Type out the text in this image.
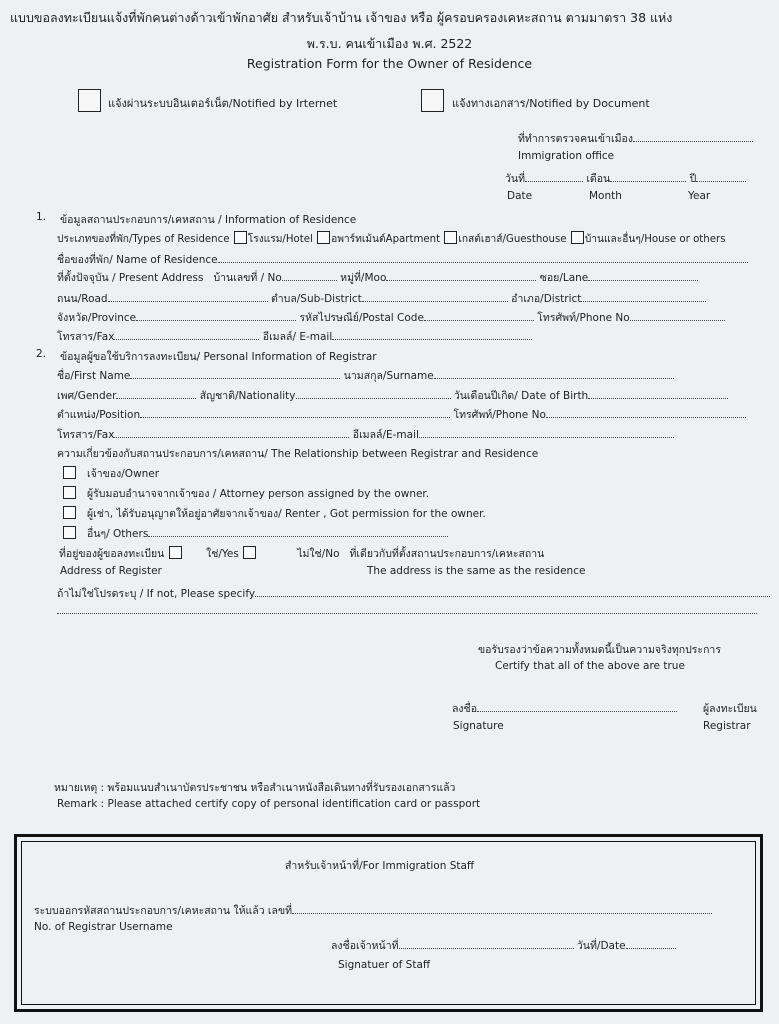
แบบขอลงทะเบียนแจ้งที่พักคนต่างด้าวเข้าพักอาศัย สำหรับเจ้าบ้าน เจ้าของ หรือ ผู้ครอบครองเคหะสถาน ตามมาตรา 38 แห่ง
พ.ร.บ. คนเข้าเมือง พ.ศ. 2522
Registration Form for the Owner of Residence
แจ้งผ่านระบบอินเตอร์เน็ต/Notified by Irternet	แจ้งทางเอกสาร/Notified by Document
ที่ทำการตรวจคนเข้าเมือง
Immigration office
วันที่	เดือน	ปี
Date	Month	Year
1. ข้อมูลสถานประกอบการ/เคหสถาน / Information of Residence
ประเภทของที่พัก/Types of Residence โรงแรม/Hotel อพาร์ทเม้นต์Apartment เกสต์เฮาส์/Guesthouse บ้านและอื่นๆ/House or others
ชื่อของที่พัก/ Name of Residence
ที่ตั้งปัจจุบัน / Present Address บ้านเลขที่ / No	หมู่ที่/Moo	ซอย/Lane
ถนน/Road	ตำบล/Sub-District	อำเภอ/District
จังหวัด/Province	รหัสไปรษณีย์/Postal Code	โทรศัพท์/Phone No
โทรสาร/Fax	อีเมลล์/ E-mail
2. ข้อมูลผู้ขอใช้บริการลงทะเบียน/ Personal Information of Registrar
ชื่อ/First Name	นามสกุล/Surname
เพศ/Gender	สัญชาติ/Nationality	วันเดือนปีเกิด/ Date of Birth
ตำแหน่ง/Position	โทรศัพท์/Phone No
โทรสาร/Fax	อีเมลล์/E-mail
ความเกี่ยวข้องกับสถานประกอบการ/เคหสถาน/ The Relationship between Registrar and Residence
เจ้าของ/Owner
ผู้รับมอบอำนาจจากเจ้าของ / Attorney person assigned by the owner.
ผู้เช่า, ได้รับอนุญาตให้อยู่อาศัยจากเจ้าของ/ Renter , Got permission for the owner.
อื่นๆ/ Others
ที่อยู่ของผู้ขอลงทะเบียน	ใช่/Yes	ไม่ใช่/No ที่เดียวกับที่ตั้งสถานประกอบการ/เคหะสถาน
Address of Register	The address is the same as the residence
ถ้าไม่ใช่โปรดระบุ / If not, Please specify
ขอรับรองว่าข้อความทั้งหมดนี้เป็นความจริงทุกประการ
Certify that all of the above are true
ลงชื่อ	ผู้ลงทะเบียน
Signature	Registrar
หมายเหตุ : พร้อมแนบสำเนาบัตรประชาชน หรือสำเนาหนังสือเดินทางที่รับรองเอกสารแล้ว
Remark : Please attached certify copy of personal identification card or passport
สำหรับเจ้าหน้าที่/For Immigration Staff
ระบบออกรหัสสถานประกอบการ/เคหะสถาน ให้แล้ว เลขที่
No. of Registrar Username
ลงชื่อเจ้าหน้าที่	วันที่/Date
Signatuer of Staff
